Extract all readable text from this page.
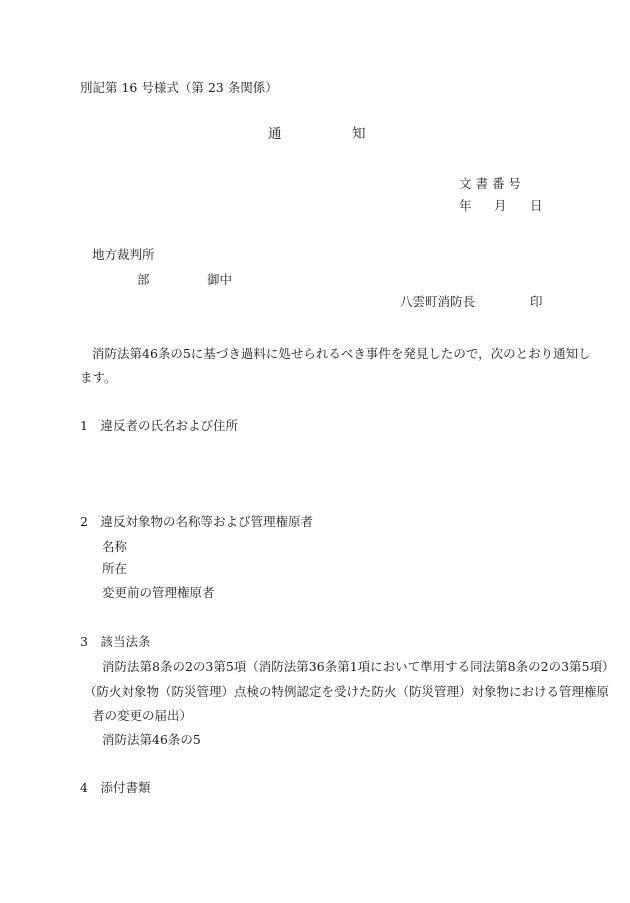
別記第 16 号様式（第 23 条関係）
通	知
文 書 番 号
年 月 日
地方裁判所
部	御中
八雲町消防長	印
消防法第46条の5に基づき過料に処せられるべき事件を発見したので，次のとおり通知し
ます。
1　違反者の氏名および住所
2　違反対象物の名称等および管理権原者
名称
所在
変更前の管理権原者
3　該当法条
消防法第8条の2の3第5項（消防法第36条第1項において準用する同法第8条の2の3第5項）
（防火対象物（防災管理）点検の特例認定を受けた防火（防災管理）対象物における管理権原
者の変更の届出）
消防法第46条の5
4　添付書類
